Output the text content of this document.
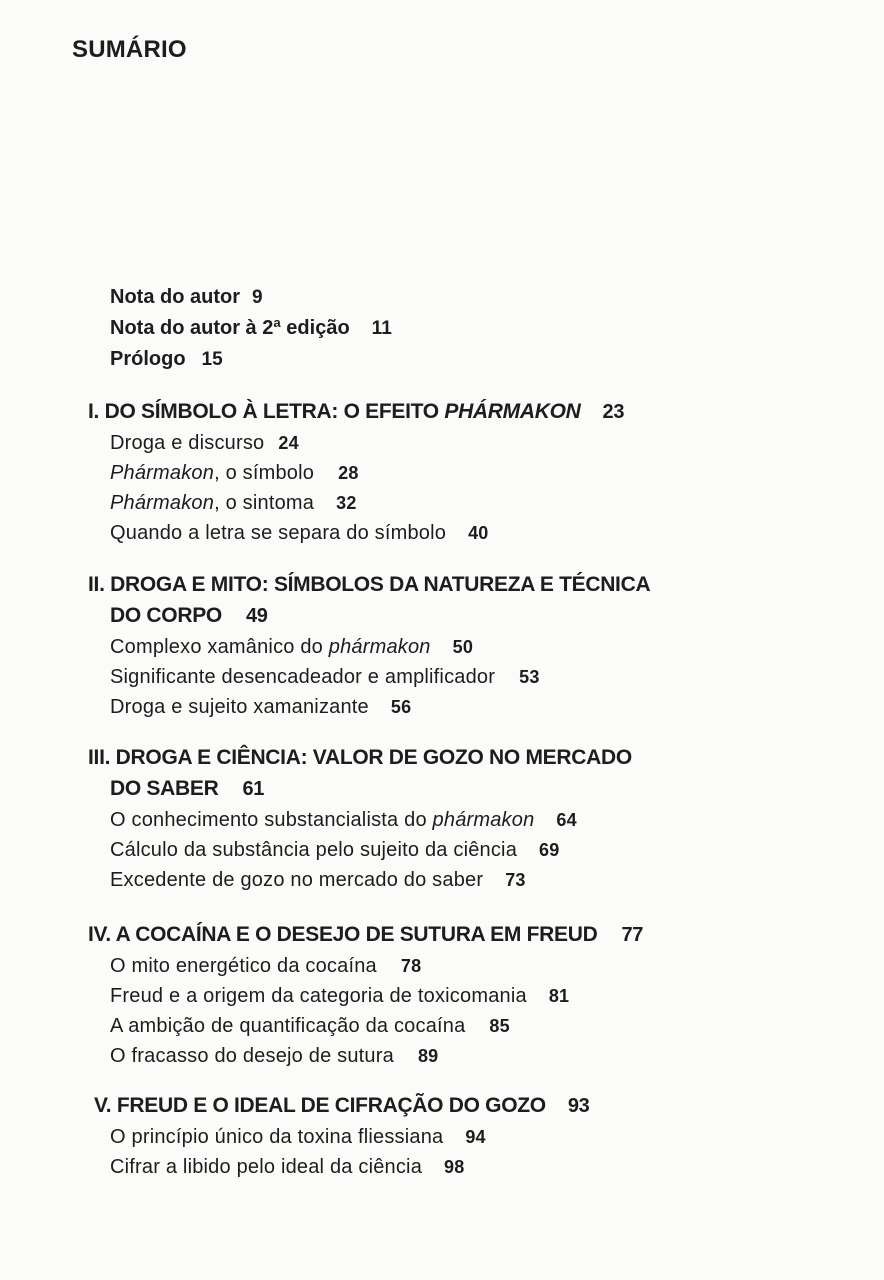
SUMÁRIO
Nota do autor 9
Nota do autor à 2ª edição 11
Prólogo 15
I. DO SÍMBOLO À LETRA: O EFEITO PHÁRMAKON 23
Droga e discurso 24
Phármakon, o símbolo 28
Phármakon, o sintoma 32
Quando a letra se separa do símbolo 40
II. DROGA E MITO: SÍMBOLOS DA NATUREZA E TÉCNICA
DO CORPO 49
Complexo xamânico do phármakon 50
Significante desencadeador e amplificador 53
Droga e sujeito xamanizante 56
III. DROGA E CIÊNCIA: VALOR DE GOZO NO MERCADO
DO SABER 61
O conhecimento substancialista do phármakon 64
Cálculo da substância pelo sujeito da ciência 69
Excedente de gozo no mercado do saber 73
IV. A COCAÍNA E O DESEJO DE SUTURA EM FREUD 77
O mito energético da cocaína 78
Freud e a origem da categoria de toxicomania 81
A ambição de quantificação da cocaína 85
O fracasso do desejo de sutura 89
V. FREUD E O IDEAL DE CIFRAÇÃO DO GOZO 93
O princípio único da toxina fliessiana 94
Cifrar a libido pelo ideal da ciência 98
